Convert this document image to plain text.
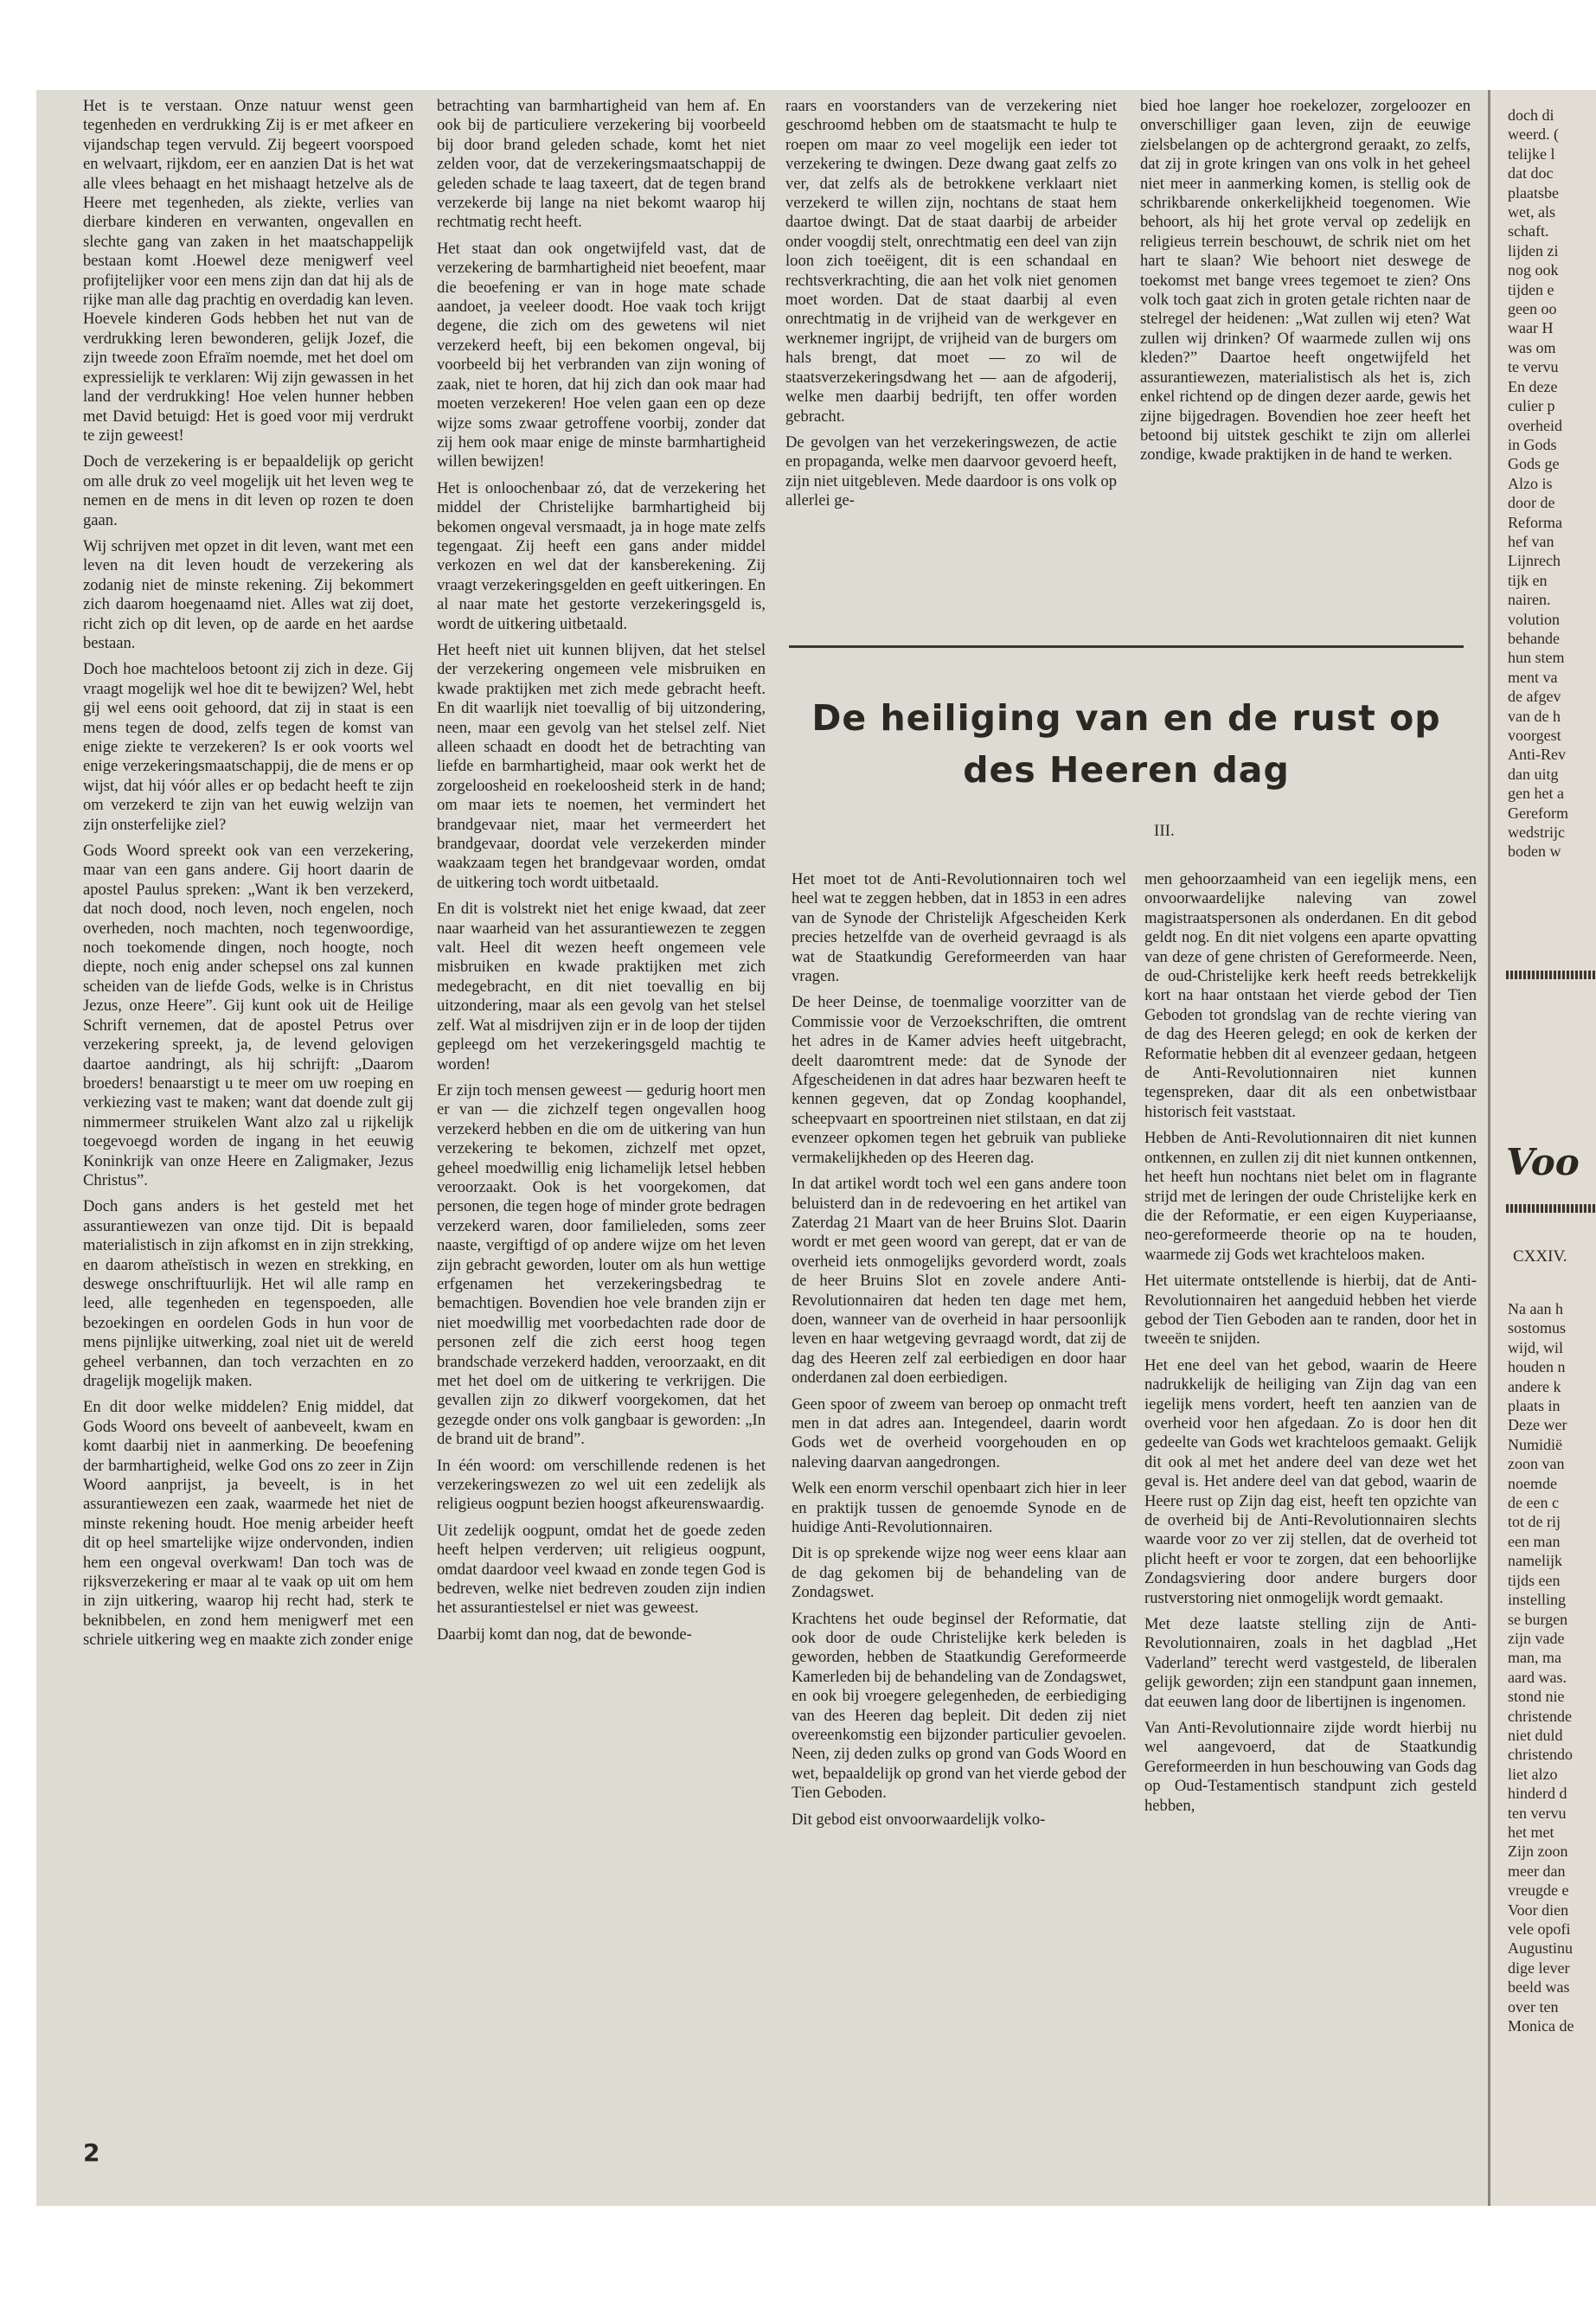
Het is te verstaan. Onze natuur wenst geen tegenheden en verdrukking Zij is er met afkeer en vijandschap tegen vervuld. Zij begeert voorspoed en welvaart, rijkdom, eer en aanzien Dat is het wat alle vlees behaagt en het mishaagt hetzelve als de Heere met tegenheden, als ziekte, verlies van dierbare kinderen en verwanten, ongevallen en slechte gang van zaken in het maatschappelijk bestaan komt .Hoewel deze menigwerf veel profijtelijker voor een mens zijn dan dat hij als de rijke man alle dag prachtig en overdadig kan leven. Hoevele kinderen Gods hebben het nut van de verdrukking leren bewonderen, gelijk Jozef, die zijn tweede zoon Efraïm noemde, met het doel om expressielijk te verklaren: Wij zijn gewassen in het land der verdrukking! Hoe velen hunner hebben met David betuigd: Het is goed voor mij verdrukt te zijn geweest!

Doch de verzekering is er bepaaldelijk op gericht om alle druk zo veel mogelijk uit het leven weg te nemen en de mens in dit leven op rozen te doen gaan.

Wij schrijven met opzet in dit leven, want met een leven na dit leven houdt de verzekering als zodanig niet de minste rekening. Zij bekommert zich daarom hoegenaamd niet. Alles wat zij doet, richt zich op dit leven, op de aarde en het aardse bestaan.

Doch hoe machteloos betoont zij zich in deze. Gij vraagt mogelijk wel hoe dit te bewijzen? Wel, hebt gij wel eens ooit gehoord, dat zij in staat is een mens tegen de dood, zelfs tegen de komst van enige ziekte te verzekeren? Is er ook voorts wel enige verzekeringsmaatschappij, die de mens er op wijst, dat hij vóór alles er op bedacht heeft te zijn om verzekerd te zijn van het euwig welzijn van zijn onsterfelijke ziel?

Gods Woord spreekt ook van een verzekering, maar van een gans andere. Gij hoort daarin de apostel Paulus spreken: „Want ik ben verzekerd, dat noch dood, noch leven, noch engelen, noch overheden, noch machten, noch tegenwoordige, noch toekomende dingen, noch hoogte, noch diepte, noch enig ander schepsel ons zal kunnen scheiden van de liefde Gods, welke is in Christus Jezus, onze Heere”. Gij kunt ook uit de Heilige Schrift vernemen, dat de apostel Petrus over verzekering spreekt, ja, de levend gelovigen daartoe aandringt, als hij schrijft: „Daarom broeders! benaarstigt u te meer om uw roeping en verkiezing vast te maken; want dat doende zult gij nimmermeer struikelen Want alzo zal u rijkelijk toegevoegd worden de ingang in het eeuwig Koninkrijk van onze Heere en Zaligmaker, Jezus Christus”.

Doch gans anders is het gesteld met het assurantiewezen van onze tijd. Dit is bepaald materialistisch in zijn afkomst en in zijn strekking, en daarom atheïstisch in wezen en strekking, en deswege onschriftuurlijk. Het wil alle ramp en leed, alle tegenheden en tegenspoeden, alle bezoekingen en oordelen Gods in hun voor de mens pijnlijke uitwerking, zoal niet uit de wereld geheel verbannen, dan toch verzachten en zo dragelijk mogelijk maken.

En dit door welke middelen? Enig middel, dat Gods Woord ons beveelt of aanbeveelt, kwam en komt daarbij niet in aanmerking. De beoefening der barmhartigheid, welke God ons zo zeer in Zijn Woord aanprijst, ja beveelt, is in het assurantiewezen een zaak, waarmede het niet de minste rekening houdt. Hoe menig arbeider heeft dit op heel smartelijke wijze ondervonden, indien hem een ongeval overkwam! Dan toch was de rijksverzekering er maar al te vaak op uit om hem in zijn uitkering, waarop hij recht had, sterk te beknibbelen, en zond hem menigwerf met een schriele uitkering weg en maakte zich zonder enige

betrachting van barmhartigheid van hem af. En ook bij de particuliere verzekering bij voorbeeld bij door brand geleden schade, komt het niet zelden voor, dat de verzekeringsmaatschappij de geleden schade te laag taxeert, dat de tegen brand verzekerde bij lange na niet bekomt waarop hij rechtmatig recht heeft.

Het staat dan ook ongetwijfeld vast, dat de verzekering de barmhartigheid niet beoefent, maar die beoefening er van in hoge mate schade aandoet, ja veeleer doodt. Hoe vaak toch krijgt degene, die zich om des gewetens wil niet verzekerd heeft, bij een bekomen ongeval, bij voorbeeld bij het verbranden van zijn woning of zaak, niet te horen, dat hij zich dan ook maar had moeten verzekeren! Hoe velen gaan een op deze wijze soms zwaar getroffene voorbij, zonder dat zij hem ook maar enige de minste barmhartigheid willen bewijzen!

Het is onloochenbaar zó, dat de verzekering het middel der Christelijke barmhartigheid bij bekomen ongeval versmaadt, ja in hoge mate zelfs tegengaat. Zij heeft een gans ander middel verkozen en wel dat der kansberekening. Zij vraagt verzekeringsgelden en geeft uitkeringen. En al naar mate het gestorte verzekeringsgeld is, wordt de uitkering uitbetaald.

Het heeft niet uit kunnen blijven, dat het stelsel der verzekering ongemeen vele misbruiken en kwade praktijken met zich mede gebracht heeft. En dit waarlijk niet toevallig of bij uitzondering, neen, maar een gevolg van het stelsel zelf. Niet alleen schaadt en doodt het de betrachting van liefde en barmhartigheid, maar ook werkt het de zorgeloosheid en roekeloosheid sterk in de hand; om maar iets te noemen, het vermindert het brandgevaar niet, maar het vermeerdert het brandgevaar, doordat vele verzekerden minder waakzaam tegen het brandgevaar worden, omdat de uitkering toch wordt uitbetaald.

En dit is volstrekt niet het enige kwaad, dat zeer naar waarheid van het assurantiewezen te zeggen valt. Heel dit wezen heeft ongemeen vele misbruiken en kwade praktijken met zich medegebracht, en dit niet toevallig en bij uitzondering, maar als een gevolg van het stelsel zelf. Wat al misdrijven zijn er in de loop der tijden gepleegd om het verzekeringsgeld machtig te worden!

Er zijn toch mensen geweest — gedurig hoort men er van — die zichzelf tegen ongevallen hoog verzekerd hebben en die om de uitkering van hun verzekering te bekomen, zichzelf met opzet, geheel moedwillig enig lichamelijk letsel hebben veroorzaakt. Ook is het voorgekomen, dat personen, die tegen hoge of minder grote bedragen verzekerd waren, door familieleden, soms zeer naaste, vergiftigd of op andere wijze om het leven zijn gebracht geworden, louter om als hun wettige erfgenamen het verzekeringsbedrag te bemachtigen. Bovendien hoe vele branden zijn er niet moedwillig met voorbedachten rade door de personen zelf die zich eerst hoog tegen brandschade verzekerd hadden, veroorzaakt, en dit met het doel om de uitkering te verkrijgen. Die gevallen zijn zo dikwerf voorgekomen, dat het gezegde onder ons volk gangbaar is geworden: „In de brand uit de brand”.

In één woord: om verschillende redenen is het verzekeringswezen zo wel uit een zedelijk als religieus oogpunt bezien hoogst afkeurenswaardig.

Uit zedelijk oogpunt, omdat het de goede zeden heeft helpen verderven; uit religieus oogpunt, omdat daardoor veel kwaad en zonde tegen God is bedreven, welke niet bedreven zouden zijn indien het assurantiestelsel er niet was geweest.

Daarbij komt dan nog, dat de bewonde-

raars en voorstanders van de verzekering niet geschroomd hebben om de staatsmacht te hulp te roepen om maar zo veel mogelijk een ieder tot verzekering te dwingen. Deze dwang gaat zelfs zo ver, dat zelfs als de betrokkene verklaart niet verzekerd te willen zijn, nochtans de staat hem daartoe dwingt. Dat de staat daarbij de arbeider onder voogdij stelt, onrechtmatig een deel van zijn loon zich toeëigent, dit is een schandaal en rechtsverkrachting, die aan het volk niet genomen moet worden. Dat de staat daarbij al even onrechtmatig in de vrijheid van de werkgever en werknemer ingrijpt, de vrijheid van de burgers om hals brengt, dat moet — zo wil de staatsverzekeringsdwang het — aan de afgoderij, welke men daarbij bedrijft, ten offer worden gebracht.

De gevolgen van het verzekeringswezen, de actie en propaganda, welke men daarvoor gevoerd heeft, zijn niet uitgebleven. Mede daardoor is ons volk op allerlei ge-

bied hoe langer hoe roekelozer, zorgeloozer en onverschilliger gaan leven, zijn de eeuwige zielsbelangen op de achtergrond geraakt, zo zelfs, dat zij in grote kringen van ons volk in het geheel niet meer in aanmerking komen, is stellig ook de schrikbarende onkerkelijkheid toegenomen. Wie behoort, als hij het grote verval op zedelijk en religieus terrein beschouwt, de schrik niet om het hart te slaan? Wie behoort niet deswege de toekomst met bange vrees tegemoet te zien? Ons volk toch gaat zich in groten getale richten naar de stelregel der heidenen: „Wat zullen wij eten? Wat zullen wij drinken? Of waarmede zullen wij ons kleden?” Daartoe heeft ongetwijfeld het assurantiewezen, materialistisch als het is, zich enkel richtend op de dingen dezer aarde, gewis het zijne bijgedragen. Bovendien hoe zeer heeft het betoond bij uitstek geschikt te zijn om allerlei zondige, kwade praktijken in de hand te werken.

De heiliging van en de rust op des Heeren dag
III.

Het moet tot de Anti-Revolutionnairen toch wel heel wat te zeggen hebben, dat in 1853 in een adres van de Synode der Christelijk Afgescheiden Kerk precies hetzelfde van de overheid gevraagd is als wat de Staatkundig Gereformeerden van haar vragen.

De heer Deinse, de toenmalige voorzitter van de Commissie voor de Verzoekschriften, die omtrent het adres in de Kamer advies heeft uitgebracht, deelt daaromtrent mede: dat de Synode der Afgescheidenen in dat adres haar bezwaren heeft te kennen gegeven, dat op Zondag koophandel, scheepvaart en spoortreinen niet stilstaan, en dat zij evenzeer opkomen tegen het gebruik van publieke vermakelijkheden op des Heeren dag.

In dat artikel wordt toch wel een gans andere toon beluisterd dan in de redevoering en het artikel van Zaterdag 21 Maart van de heer Bruins Slot. Daarin wordt er met geen woord van gerept, dat er van de overheid iets onmogelijks gevorderd wordt, zoals de heer Bruins Slot en zovele andere Anti-Revolutionnairen dat heden ten dage met hem, doen, wanneer van de overheid in haar persoonlijk leven en haar wetgeving gevraagd wordt, dat zij de dag des Heeren zelf zal eerbiedigen en door haar onderdanen zal doen eerbiedigen.

Geen spoor of zweem van beroep op onmacht treft men in dat adres aan. Integendeel, daarin wordt Gods wet de overheid voorgehouden en op naleving daarvan aangedrongen.

Welk een enorm verschil openbaart zich hier in leer en praktijk tussen de genoemde Synode en de huidige Anti-Revolutionnairen.

Dit is op sprekende wijze nog weer eens klaar aan de dag gekomen bij de behandeling van de Zondagswet.

Krachtens het oude beginsel der Reformatie, dat ook door de oude Christelijke kerk beleden is geworden, hebben de Staatkundig Gereformeerde Kamerleden bij de behandeling van de Zondagswet, en ook bij vroegere gelegenheden, de eerbiediging van des Heeren dag bepleit. Dit deden zij niet overeenkomstig een bijzonder particulier gevoelen. Neen, zij deden zulks op grond van Gods Woord en wet, bepaaldelijk op grond van het vierde gebod der Tien Geboden.

Dit gebod eist onvoorwaardelijk volko-

men gehoorzaamheid van een iegelijk mens, een onvoorwaardelijke naleving van zowel magistraatspersonen als onderdanen. En dit gebod geldt nog. En dit niet volgens een aparte opvatting van deze of gene christen of Gereformeerde. Neen, de oud-Christelijke kerk heeft reeds betrekkelijk kort na haar ontstaan het vierde gebod der Tien Geboden tot grondslag van de rechte viering van de dag des Heeren gelegd; en ook de kerken der Reformatie hebben dit al evenzeer gedaan, hetgeen de Anti-Revolutionnairen niet kunnen tegenspreken, daar dit als een onbetwistbaar historisch feit vaststaat.

Hebben de Anti-Revolutionnairen dit niet kunnen ontkennen, en zullen zij dit niet kunnen ontkennen, het heeft hun nochtans niet belet om in flagrante strijd met de leringen der oude Christelijke kerk en die der Reformatie, er een eigen Kuyperiaanse, neo-gereformeerde theorie op na te houden, waarmede zij Gods wet krachteloos maken.

Het uitermate ontstellende is hierbij, dat de Anti-Revolutionnairen het aangeduid hebben het vierde gebod der Tien Geboden aan te randen, door het in tweeën te snijden.

Het ene deel van het gebod, waarin de Heere nadrukkelijk de heiliging van Zijn dag van een iegelijk mens vordert, heeft ten aanzien van de overheid voor hen afgedaan. Zo is door hen dit gedeelte van Gods wet krachteloos gemaakt. Gelijk dit ook al met het andere deel van deze wet het geval is. Het andere deel van dat gebod, waarin de Heere rust op Zijn dag eist, heeft ten opzichte van de overheid bij de Anti-Revolutionnairen slechts waarde voor zo ver zij stellen, dat de overheid tot plicht heeft er voor te zorgen, dat een behoorlijke Zondagsviering door andere burgers door rustverstoring niet onmogelijk wordt gemaakt.

Met deze laatste stelling zijn de Anti-Revolutionnairen, zoals in het dagblad „Het Vaderland” terecht werd vastgesteld, de liberalen gelijk geworden; zijn een standpunt gaan innemen, dat eeuwen lang door de libertijnen is ingenomen.

Van Anti-Revolutionnaire zijde wordt hierbij nu wel aangevoerd, dat de Staatkundig Gereformeerden in hun beschouwing van Gods dag op Oud-Testamentisch standpunt zich gesteld hebben,

2
doch di
weerd. (
telijke l
dat doc
plaatsbe
wet, als
schaft.
lijden zi
nog ook
tijden e
geen oo
waar H
was om
te vervu
En deze
culier p
overheid
in Gods
Gods ge
Alzo is
door de
Reforma
hef van
Lijnrech
tijk en
nairen.
volution
behande
hun stem
ment va
de afgev
van de h
voorgest
Anti-Rev
dan uitg
gen het a
Gereform
wedstrijc
boden w
Voo
CXXIV.
Na aan h
sostomus
wijd, wil
houden n
andere k
plaats in
Deze wer
Numidië
zoon van
noemde
de een c
tot de rij
een man
namelijk
tijds een
instelling
se burgen
zijn vade
man, ma
aard was.
stond nie
christende
niet duld
christendo
liet alzo
hinderd d
ten vervu
het met
Zijn zoon
meer dan
vreugde e
Voor dien
vele opofi
Augustinu
dige lever
beeld was
over ten
Monica de
